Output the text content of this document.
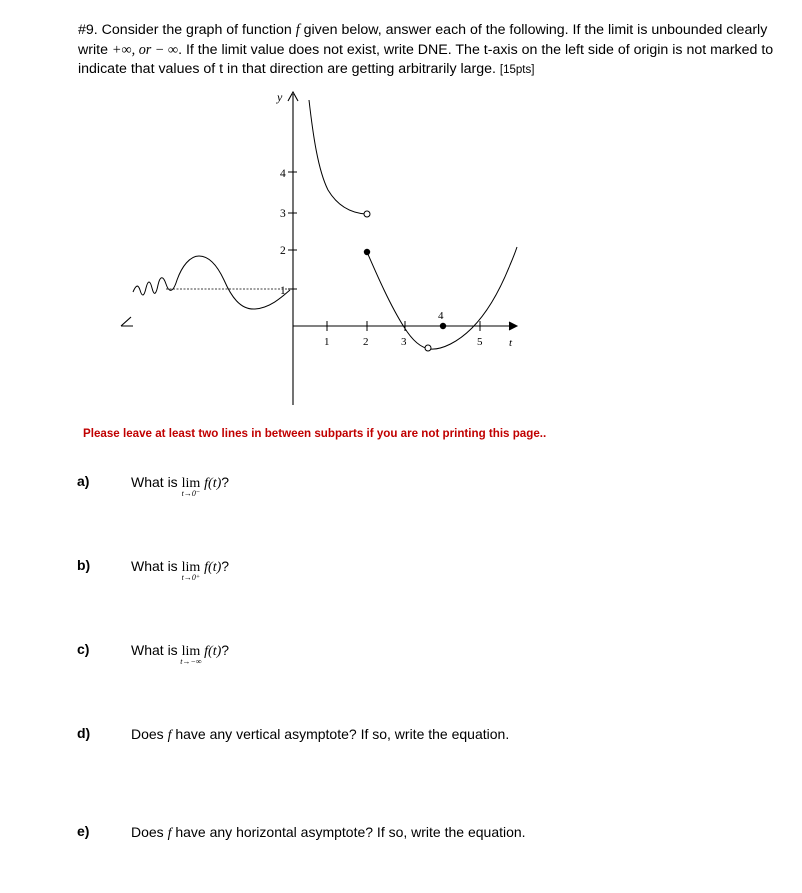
#9. Consider the graph of function f given below, answer each of the following. If the limit is unbounded clearly write +∞, or − ∞. If the limit value does not exist, write DNE. The t-axis on the left side of origin is not marked to indicate that values of t in that direction are getting arbitrarily large. [15pts]
y
t
4
3
2
1
1	2	3	5
4
Please leave at least two lines in between subparts if you are not printing this page..
a)	What is lim
t→0⁻
f(t)?
b)	What is lim
t→0⁺
f(t)?
c)	What is lim
t→−∞
f(t)?
d)	Does f have any vertical asymptote? If so, write the equation.
e)	Does f have any horizontal asymptote? If so, write the equation.
